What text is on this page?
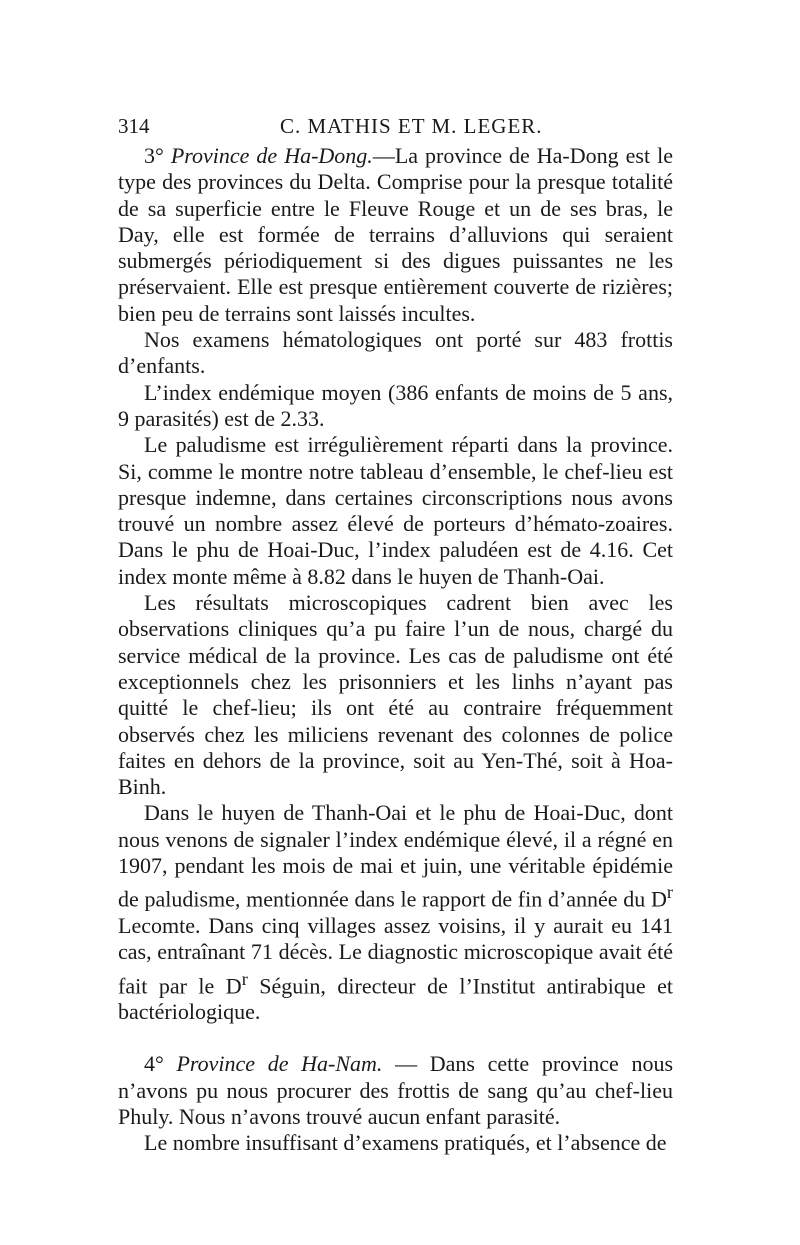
314	C. MATHIS ET M. LEGER.

3° Province de Ha-Dong.—La province de Ha-Dong est le type des provinces du Delta. Comprise pour la presque totalité de sa superficie entre le Fleuve Rouge et un de ses bras, le Day, elle est formée de terrains d’alluvions qui seraient submergés périodiquement si des digues puissantes ne les préservaient. Elle est presque entièrement couverte de rizières; bien peu de terrains sont laissés incultes.

Nos examens hématologiques ont porté sur 483 frottis d’enfants.

L’index endémique moyen (386 enfants de moins de 5 ans, 9 parasités) est de 2.33.

Le paludisme est irrégulièrement réparti dans la province. Si, comme le montre notre tableau d’ensemble, le chef-lieu est presque indemne, dans certaines circonscriptions nous avons trouvé un nombre assez élevé de porteurs d’hémato-zoaires. Dans le phu de Hoai-Duc, l’index paludéen est de 4.16. Cet index monte même à 8.82 dans le huyen de Thanh-Oai.

Les résultats microscopiques cadrent bien avec les observations cliniques qu’a pu faire l’un de nous, chargé du service médical de la province. Les cas de paludisme ont été exceptionnels chez les prisonniers et les linhs n’ayant pas quitté le chef-lieu; ils ont été au contraire fréquemment observés chez les miliciens revenant des colonnes de police faites en dehors de la province, soit au Yen-Thé, soit à Hoa-Binh.

Dans le huyen de Thanh-Oai et le phu de Hoai-Duc, dont nous venons de signaler l’index endémique élevé, il a régné en 1907, pendant les mois de mai et juin, une véritable épidémie de paludisme, mentionnée dans le rapport de fin d’année du $D^r$ Lecomte. Dans cinq villages assez voisins, il y aurait eu 141 cas, entraînant 71 décès. Le diagnostic microscopique avait été fait par le $D^r$ Séguin, directeur de l’Institut antirabique et bactériologique.

4° Province de Ha-Nam. — Dans cette province nous n’avons pu nous procurer des frottis de sang qu’au chef-lieu Phuly. Nous n’avons trouvé aucun enfant parasité.

Le nombre insuffisant d’examens pratiqués, et l’absence de
